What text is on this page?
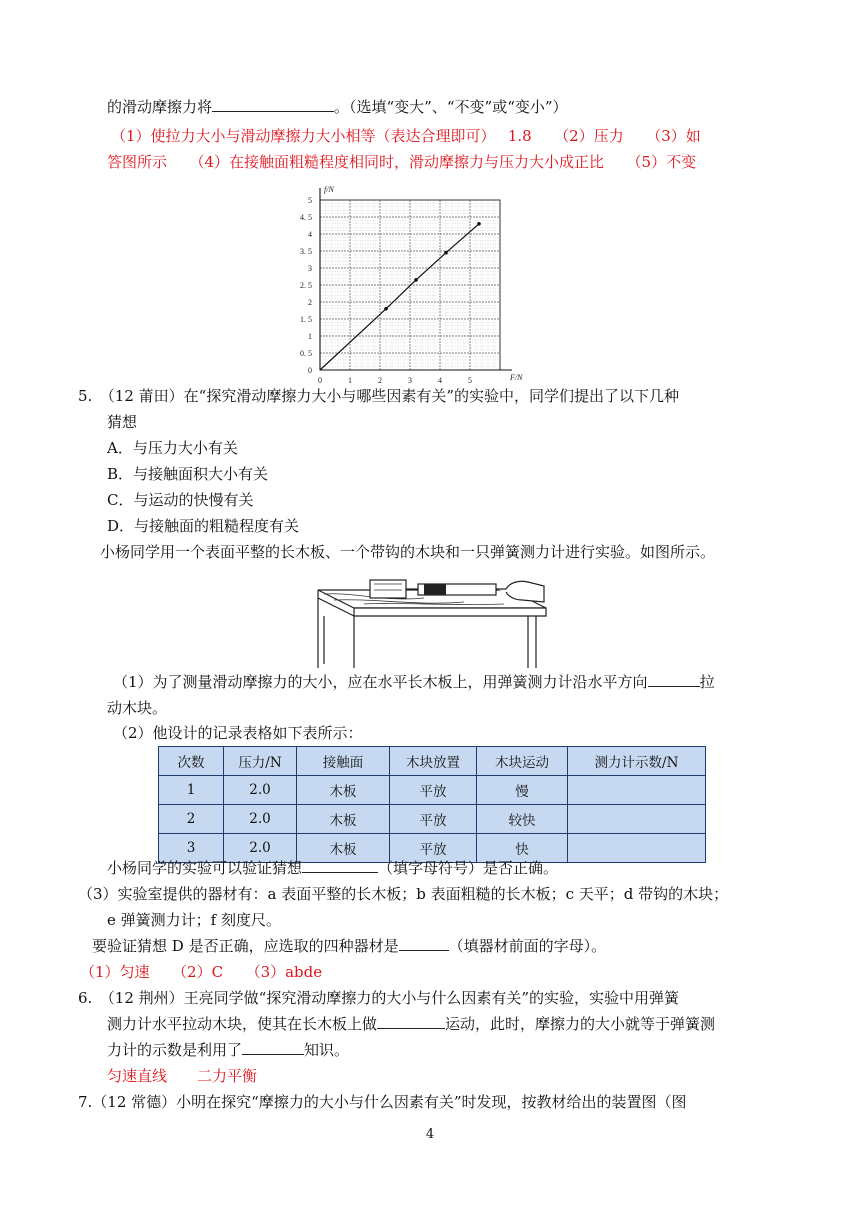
的滑动摩擦力将	。（选填“变大”、“不变”或“变小”）
（1）使拉力大小与滑动摩擦力大小相等（表达合理即可）　 1.8　　（2）压力　　（3）如
答图所示　　（4）在接触面粗糙程度相同时，滑动摩擦力与压力大小成正比　　（5）不变
0	1	2	3	4	5
0
0. 5
1
1. 5
2
2. 5
3
3. 5
4
4. 5
5
F/N
f/N
5.　（12 莆田）在“探究滑动摩擦力大小与哪些因素有关”的实验中，同学们提出了以下几种
猜想
A．与压力大小有关
B．与接触面积大小有关
C．与运动的快慢有关
D．与接触面的粗糙程度有关
小杨同学用一个表面平整的长木板、一个带钩的木块和一只弹簧测力计进行实验。如图所示。
（1）为了测量滑动摩擦力的大小，应在水平长木板上，用弹簧测力计沿水平方向	拉
动木块。
（2）他设计的记录表格如下表所示：
次数	压力/N	接触面	木块放置	木块运动	测力计示数/N
1	2.0	木板	平放	慢	
2	2.0	木板	平放	较快	
3	2.0	木板	平放	快	
小杨同学的实验可以验证猜想	（填字母符号）是否正确。
（3）实验室提供的器材有：a 表面平整的长木板；b 表面粗糙的长木板；c 天平；d 带钩的木块；
e 弹簧测力计；f 刻度尺。
要验证猜想 D 是否正确，应选取的四种器材是	（填器材前面的字母）。
（1）匀速　　（2）C　　（3）abde
6.　（12 荆州）王亮同学做“探究滑动摩擦力的大小与什么因素有关”的实验，实验中用弹簧
测力计水平拉动木块，使其在长木板上做	运动，此时，摩擦力的大小就等于弹簧测
力计的示数是利用了	知识。
匀速直线　　二力平衡
7.（12 常德）小明在探究“摩擦力的大小与什么因素有关”时发现，按教材给出的装置图（图
4
